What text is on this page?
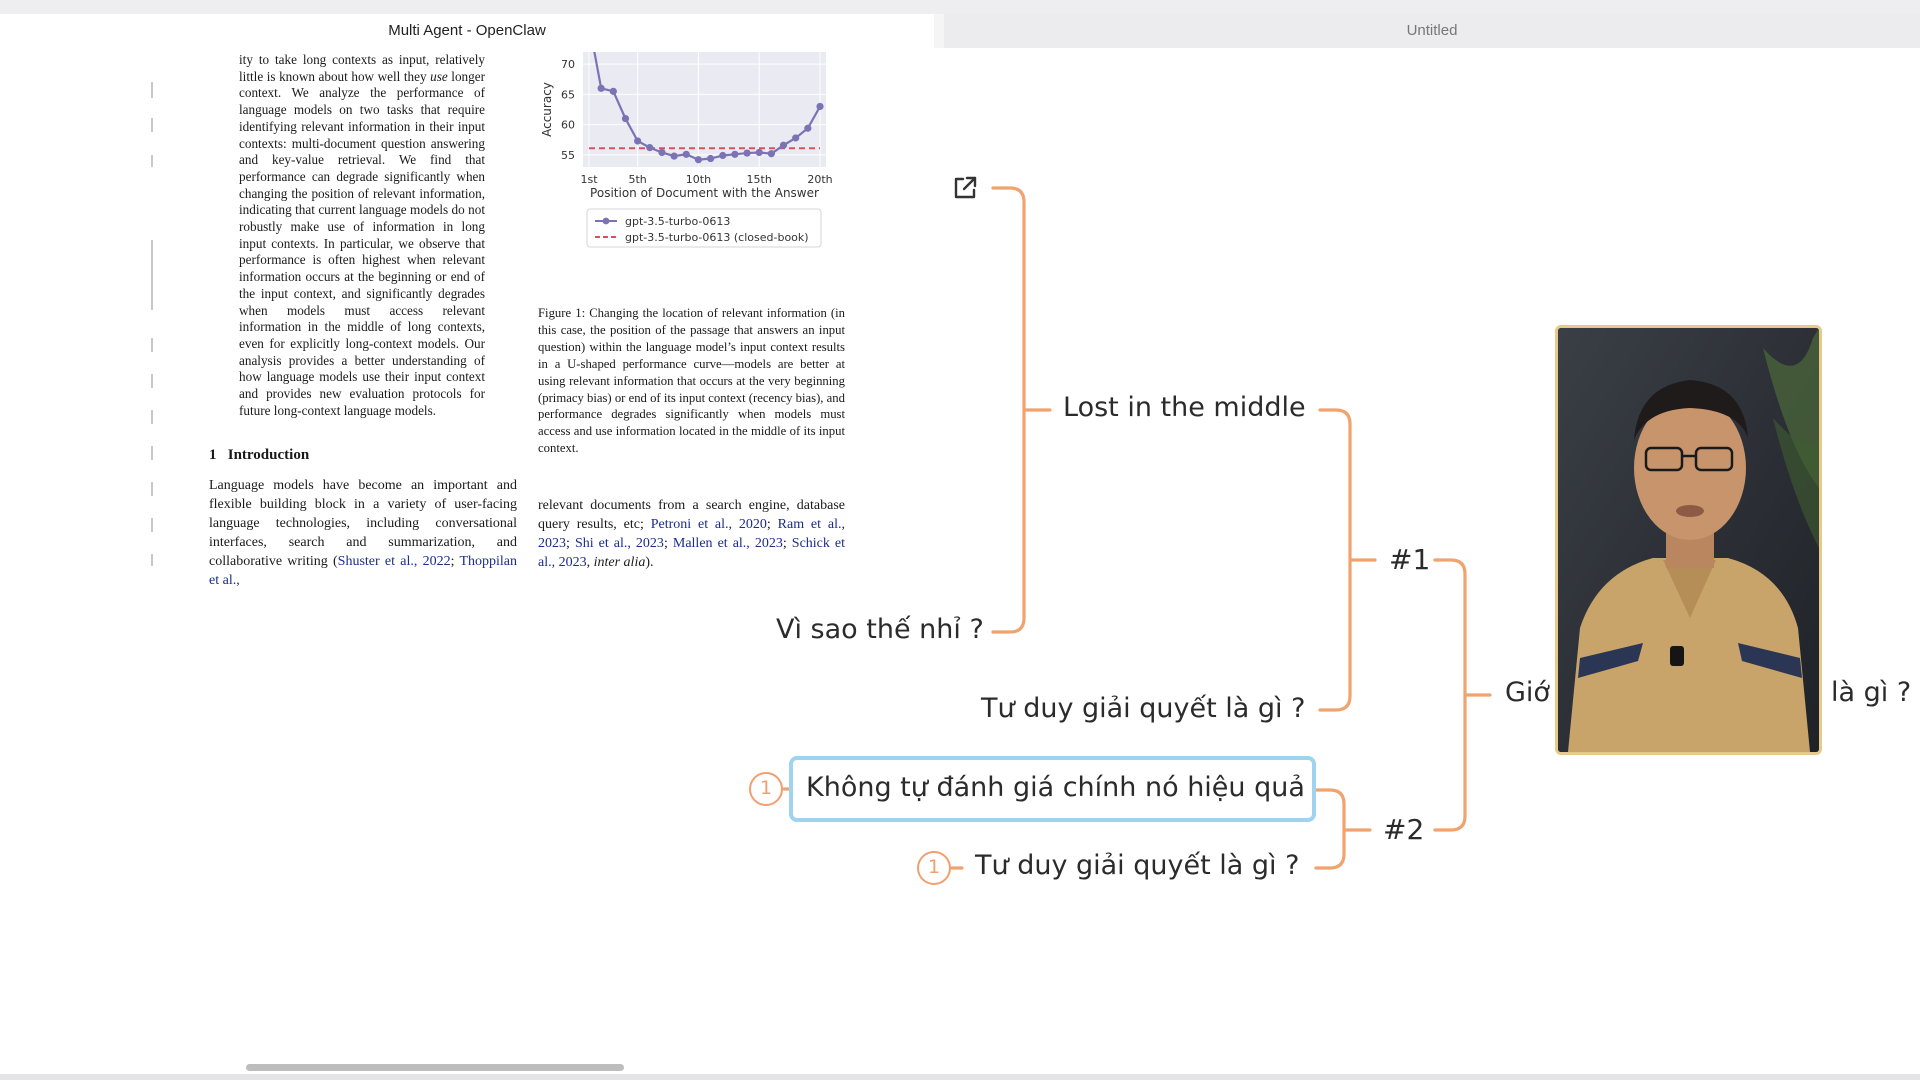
Multi Agent - OpenClaw	Untitled
ity to take long contexts as input, relatively little is known about how well they use longer context. We analyze the performance of language models on two tasks that require identifying relevant information in their input contexts: multi-document question answering and key-value retrieval. We find that performance can degrade significantly when changing the position of relevant information, indicating that current language models do not robustly make use of information in long input contexts. In particular, we observe that performance is often highest when relevant information occurs at the beginning or end of the input context, and significantly degrades when models must access relevant information in the middle of long contexts, even for explicitly long-context models. Our analysis provides a better understanding of how language models use their input context and provides new evaluation protocols for future long-context language models.
1 Introduction
Language models have become an important and flexible building block in a variety of user-facing language technologies, including conversational interfaces, search and summarization, and collaborative writing (Shuster et al., 2022; Thoppilan et al.,
55
60
65
70
1st	5th	10th	15th	20th
Position of Document with the Answer
Accuracy
gpt-3.5-turbo-0613
gpt-3.5-turbo-0613 (closed-book)
Figure 1: Changing the location of relevant information (in this case, the position of the passage that answers an input question) within the language model’s input context results in a U-shaped performance curve—models are better at using relevant information that occurs at the very beginning (primacy bias) or end of its input context (recency bias), and performance degrades significantly when models must access and use information located in the middle of its input context.
relevant documents from a search engine, database query results, etc; Petroni et al., 2020; Ram et al., 2023; Shi et al., 2023; Mallen et al., 2023; Schick et al., 2023, inter alia).
Lost in the middle
Vì sao thế nhỉ ?
Tư duy giải quyết là gì ?
#1
Không tự đánh giá chính nó hiệu quả
1
#2
Tư duy giải quyết là gì ?
1
Giớ	là gì ?
